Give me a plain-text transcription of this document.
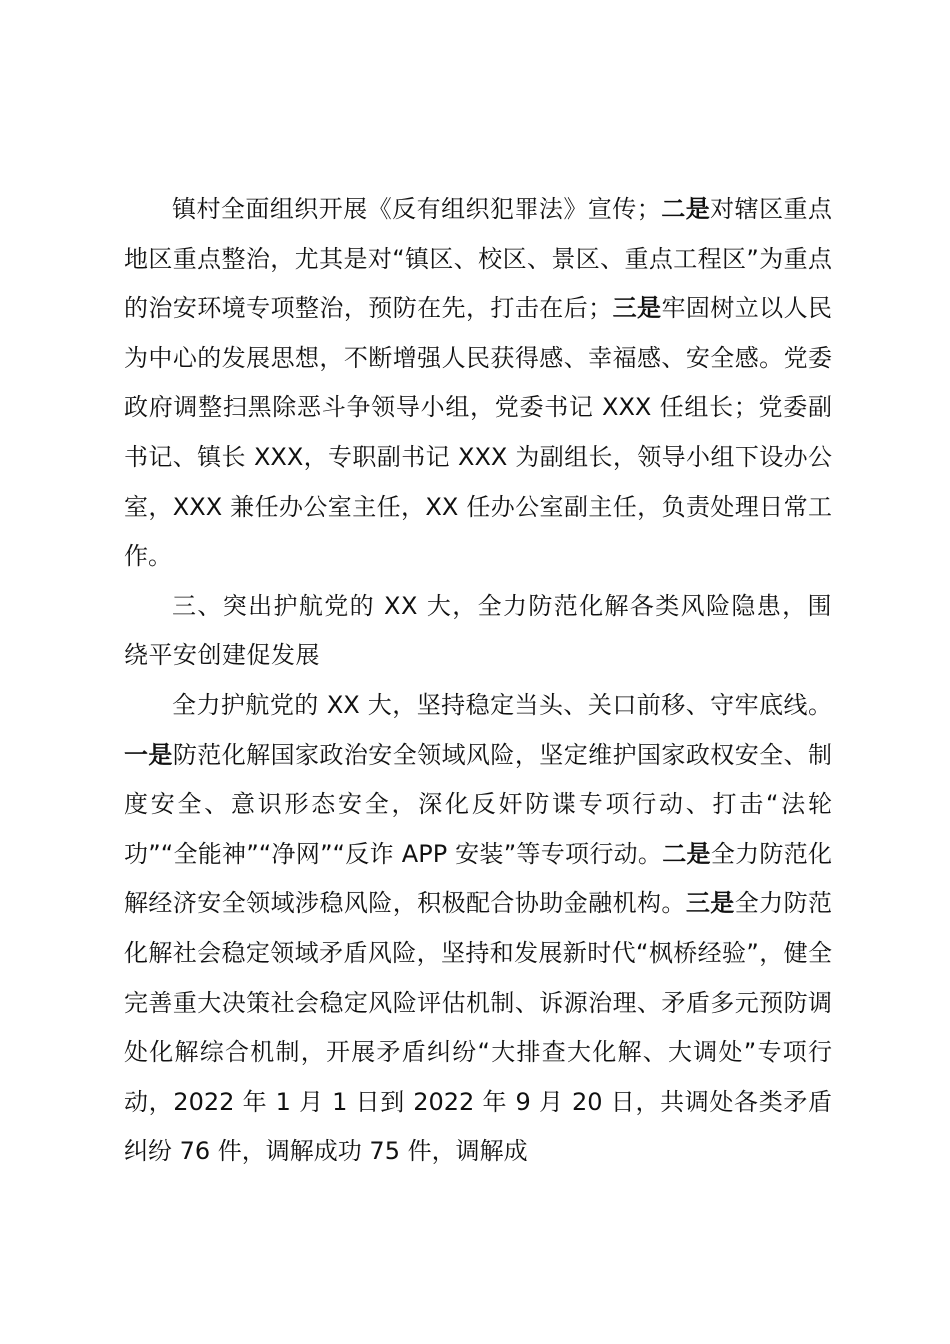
镇村全面组织开展《反有组织犯罪法》宣传；二是对辖区重点地区重点整治，尤其是对“镇区、校区、景区、重点工程区”为重点的治安环境专项整治，预防在先，打击在后；三是牢固树立以人民为中心的发展思想，不断增强人民获得感、幸福感、安全感。党委政府调整扫黑除恶斗争领导小组，党委书记 XXX 任组长；党委副书记、镇长 XXX，专职副书记 XXX 为副组长，领导小组下设办公室，XXX 兼任办公室主任，XX 任办公室副主任，负责处理日常工作。

三、突出护航党的 XX 大，全力防范化解各类风险隐患，围绕平安创建促发展

全力护航党的 XX 大，坚持稳定当头、关口前移、守牢底线。一是防范化解国家政治安全领域风险，坚定维护国家政权安全、制度安全、意识形态安全，深化反奸防谍专项行动、打击“法轮功”“全能神”“净网”“反诈 APP 安装”等专项行动。二是全力防范化解经济安全领域涉稳风险，积极配合协助金融机构。三是全力防范化解社会稳定领域矛盾风险，坚持和发展新时代“枫桥经验”，健全完善重大决策社会稳定风险评估机制、诉源治理、矛盾多元预防调处化解综合机制，开展矛盾纠纷“大排查大化解、大调处”专项行动，2022 年 1 月 1 日到 2022 年 9 月 20 日，共调处各类矛盾纠纷 76 件，调解成功 75 件，调解成
